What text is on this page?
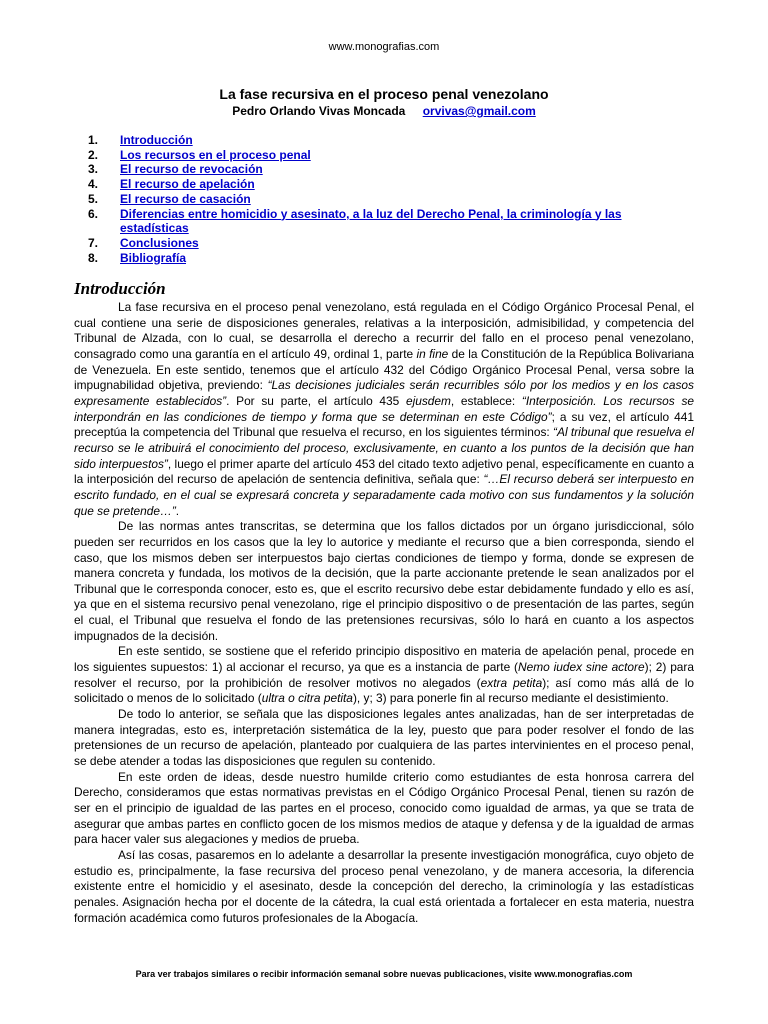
www.monografias.com
La fase recursiva en el proceso penal venezolano
Pedro Orlando Vivas Moncada orvivas@gmail.com
1.	Introducción
2.	Los recursos en el proceso penal
3.	El recurso de revocación
4.	El recurso de apelación
5.	El recurso de casación
6.	Diferencias entre homicidio y asesinato, a la luz del Derecho Penal, la criminología y las estadísticas
7.	Conclusiones
8.	Bibliografía
Introducción

La fase recursiva en el proceso penal venezolano, está regulada en el Código Orgánico Procesal Penal, el cual contiene una serie de disposiciones generales, relativas a la interposición, admisibilidad, y competencia del Tribunal de Alzada, con lo cual, se desarrolla el derecho a recurrir del fallo en el proceso penal venezolano, consagrado como una garantía en el artículo 49, ordinal 1, parte in fine de la Constitución de la República Bolivariana de Venezuela. En este sentido, tenemos que el artículo 432 del Código Orgánico Procesal Penal, versa sobre la impugnabilidad objetiva, previendo: “Las decisiones judiciales serán recurribles sólo por los medios y en los casos expresamente establecidos”. Por su parte, el artículo 435 ejusdem, establece: “Interposición. Los recursos se interpondrán en las condiciones de tiempo y forma que se determinan en este Código”; a su vez, el artículo 441 preceptúa la competencia del Tribunal que resuelva el recurso, en los siguientes términos: “Al tribunal que resuelva el recurso se le atribuirá el conocimiento del proceso, exclusivamente, en cuanto a los puntos de la decisión que han sido interpuestos”, luego el primer aparte del artículo 453 del citado texto adjetivo penal, específicamente en cuanto a la interposición del recurso de apelación de sentencia definitiva, señala que: “…El recurso deberá ser interpuesto en escrito fundado, en el cual se expresará concreta y separadamente cada motivo con sus fundamentos y la solución que se pretende…”.

De las normas antes transcritas, se determina que los fallos dictados por un órgano jurisdiccional, sólo pueden ser recurridos en los casos que la ley lo autorice y mediante el recurso que a bien corresponda, siendo el caso, que los mismos deben ser interpuestos bajo ciertas condiciones de tiempo y forma, donde se expresen de manera concreta y fundada, los motivos de la decisión, que la parte accionante pretende le sean analizados por el Tribunal que le corresponda conocer, esto es, que el escrito recursivo debe estar debidamente fundado y ello es así, ya que en el sistema recursivo penal venezolano, rige el principio dispositivo o de presentación de las partes, según el cual, el Tribunal que resuelva el fondo de las pretensiones recursivas, sólo lo hará en cuanto a los aspectos impugnados de la decisión.

En este sentido, se sostiene que el referido principio dispositivo en materia de apelación penal, procede en los siguientes supuestos: 1) al accionar el recurso, ya que es a instancia de parte (Nemo iudex sine actore); 2) para resolver el recurso, por la prohibición de resolver motivos no alegados (extra petita); así como más allá de lo solicitado o menos de lo solicitado (ultra o citra petita), y; 3) para ponerle fin al recurso mediante el desistimiento.

De todo lo anterior, se señala que las disposiciones legales antes analizadas, han de ser interpretadas de manera integradas, esto es, interpretación sistemática de la ley, puesto que para poder resolver el fondo de las pretensiones de un recurso de apelación, planteado por cualquiera de las partes intervinientes en el proceso penal, se debe atender a todas las disposiciones que regulen su contenido.

En este orden de ideas, desde nuestro humilde criterio como estudiantes de esta honrosa carrera del Derecho, consideramos que estas normativas previstas en el Código Orgánico Procesal Penal, tienen su razón de ser en el principio de igualdad de las partes en el proceso, conocido como igualdad de armas, ya que se trata de asegurar que ambas partes en conflicto gocen de los mismos medios de ataque y defensa y de la igualdad de armas para hacer valer sus alegaciones y medios de prueba.

Así las cosas, pasaremos en lo adelante a desarrollar la presente investigación monográfica, cuyo objeto de estudio es, principalmente, la fase recursiva del proceso penal venezolano, y de manera accesoria, la diferencia existente entre el homicidio y el asesinato, desde la concepción del derecho, la criminología y las estadísticas penales. Asignación hecha por el docente de la cátedra, la cual está orientada a fortalecer en esta materia, nuestra formación académica como futuros profesionales de la Abogacía.

Para ver trabajos similares o recibir información semanal sobre nuevas publicaciones, visite www.monografias.com
